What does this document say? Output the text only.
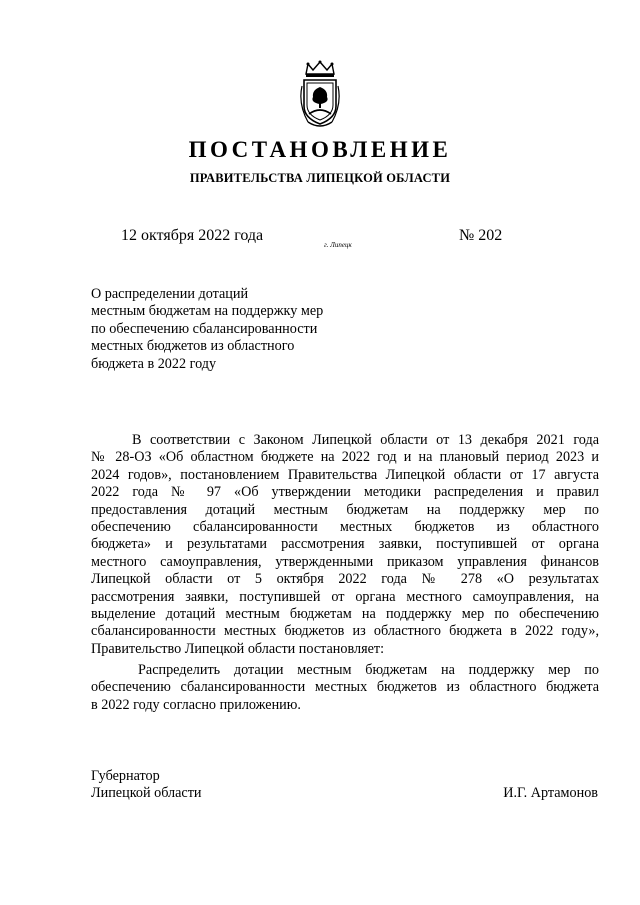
ПОСТАНОВЛЕНИЕ
ПРАВИТЕЛЬСТВА ЛИПЕЦКОЙ ОБЛАСТИ
12 октября 2022 года
г. Липецк
№ 202
О распределении дотаций
местным бюджетам на поддержку мер
по обеспечению сбалансированности
местных бюджетов из областного
бюджета в 2022 году
В соответствии с Законом Липецкой области от 13 декабря 2021 года
№ 28-ОЗ «Об областном бюджете на 2022 год и на плановый период 2023 и
2024 годов», постановлением Правительства Липецкой области от 17 августа
2022 года № 97 «Об утверждении методики распределения и правил
предоставления дотаций местным бюджетам на поддержку мер по
обеспечению сбалансированности местных бюджетов из областного
бюджета» и результатами рассмотрения заявки, поступившей от органа
местного самоуправления, утвержденными приказом управления финансов
Липецкой области от 5 октября 2022 года № 278 «О результатах
рассмотрения заявки, поступившей от органа местного самоуправления, на
выделение дотаций местным бюджетам на поддержку мер по обеспечению
сбалансированности местных бюджетов из областного бюджета в 2022 году»,
Правительство Липецкой области постановляет:
Распределить дотации местным бюджетам на поддержку мер по
обеспечению сбалансированности местных бюджетов из областного бюджета
в 2022 году согласно приложению.
Губернатор
Липецкой области	И.Г. Артамонов
